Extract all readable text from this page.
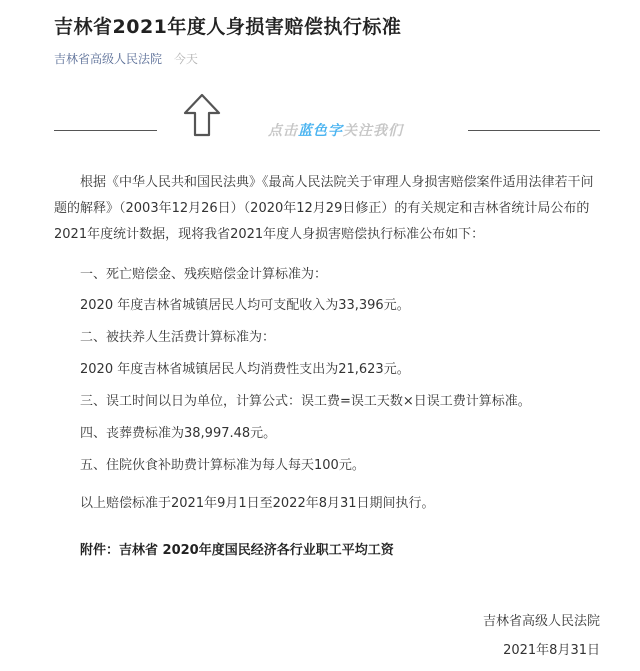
吉林省2021年度人身损害赔偿执行标准
吉林省高级人民法院 今天
点击蓝色字关注我们

根据《中华人民共和国民法典》《最高人民法院关于审理人身损害赔偿案件适用法律若干问题的解释》（2003年12月26日）（2020年12月29日修正）的有关规定和吉林省统计局公布的2021年度统计数据，现将我省2021年度人身损害赔偿执行标准公布如下：

一、死亡赔偿金、残疾赔偿金计算标准为：

2020 年度吉林省城镇居民人均可支配收入为33,396元。

二、被扶养人生活费计算标准为：

2020 年度吉林省城镇居民人均消费性支出为21,623元。

三、误工时间以日为单位，计算公式：误工费=误工天数×日误工费计算标准。

四、丧葬费标准为38,997.48元。

五、住院伙食补助费计算标准为每人每天100元。

以上赔偿标准于2021年9月1日至2022年8月31日期间执行。

附件：吉林省 2020年度国民经济各行业职工平均工资

吉林省高级人民法院
2021年8月31日
